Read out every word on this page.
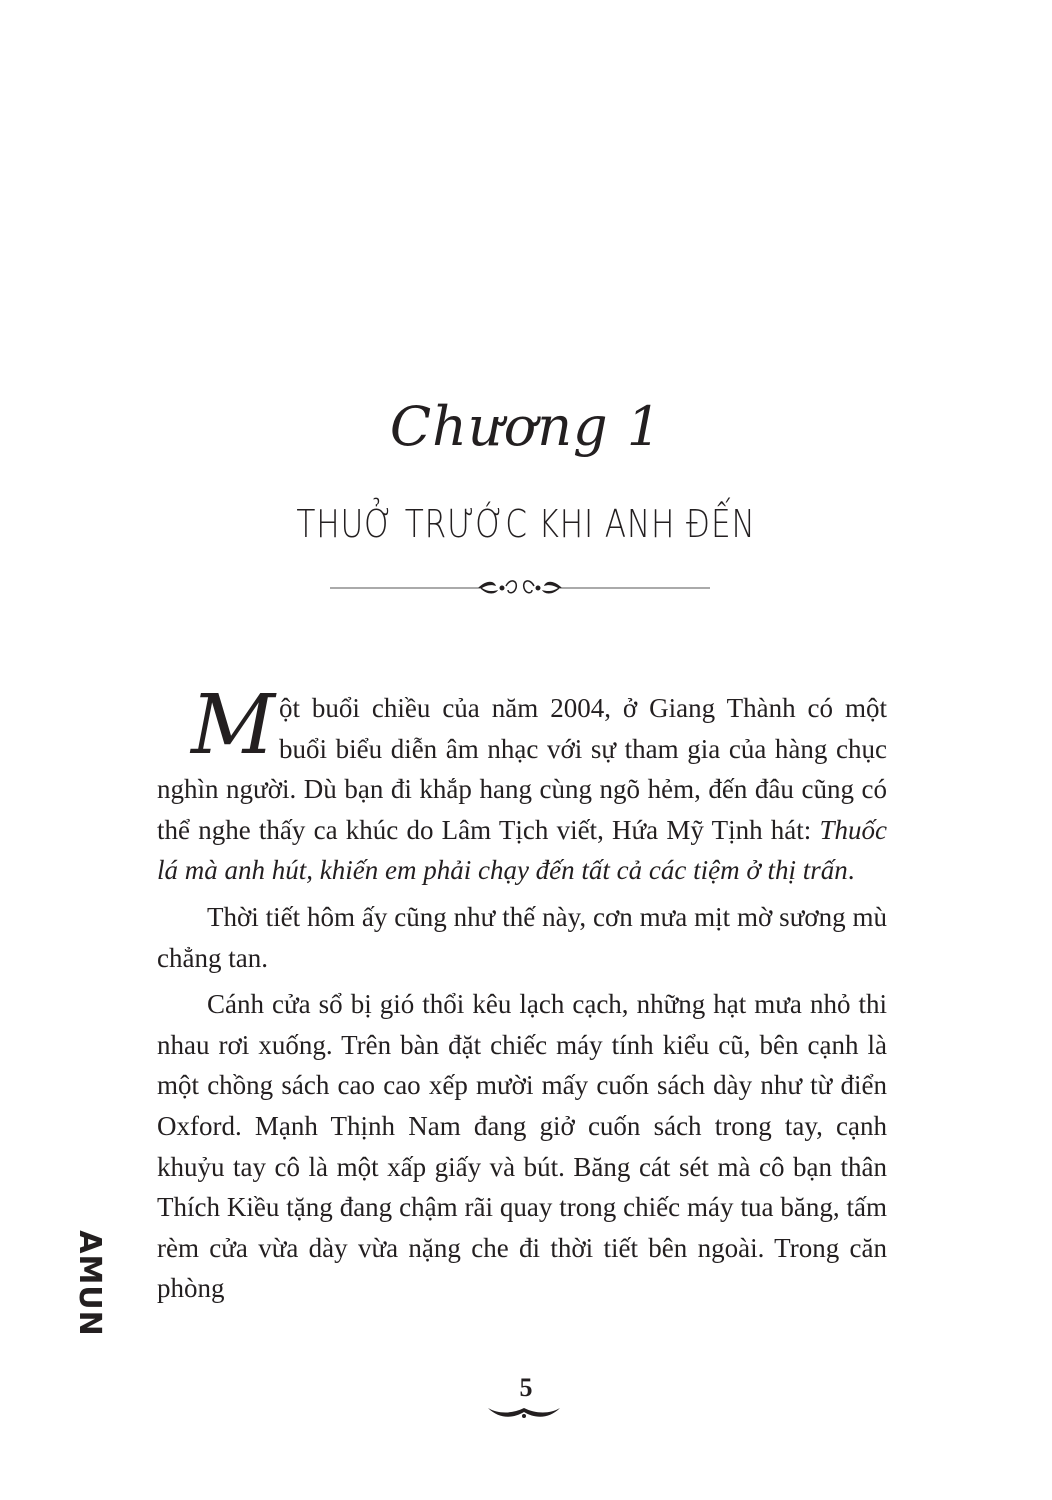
Chương 1
THUỞ TRƯỚC KHI ANH ĐẾN

Một buổi chiều của năm 2004, ở Giang Thành có một buổi biểu diễn âm nhạc với sự tham gia của hàng chục nghìn người. Dù bạn đi khắp hang cùng ngõ hẻm, đến đâu cũng có thể nghe thấy ca khúc do Lâm Tịch viết, Hứa Mỹ Tịnh hát: Thuốc lá mà anh hút, khiến em phải chạy đến tất cả các tiệm ở thị trấn.

Thời tiết hôm ấy cũng như thế này, cơn mưa mịt mờ sương mù chẳng tan.

Cánh cửa sổ bị gió thổi kêu lạch cạch, những hạt mưa nhỏ thi nhau rơi xuống. Trên bàn đặt chiếc máy tính kiểu cũ, bên cạnh là một chồng sách cao cao xếp mười mấy cuốn sách dày như từ điển Oxford. Mạnh Thịnh Nam đang giở cuốn sách trong tay, cạnh khuỷu tay cô là một xấp giấy và bút. Băng cát sét mà cô bạn thân Thích Kiều tặng đang chậm rãi quay trong chiếc máy tua băng, tấm rèm cửa vừa dày vừa nặng che đi thời tiết bên ngoài. Trong căn phòng

AMUN
5
